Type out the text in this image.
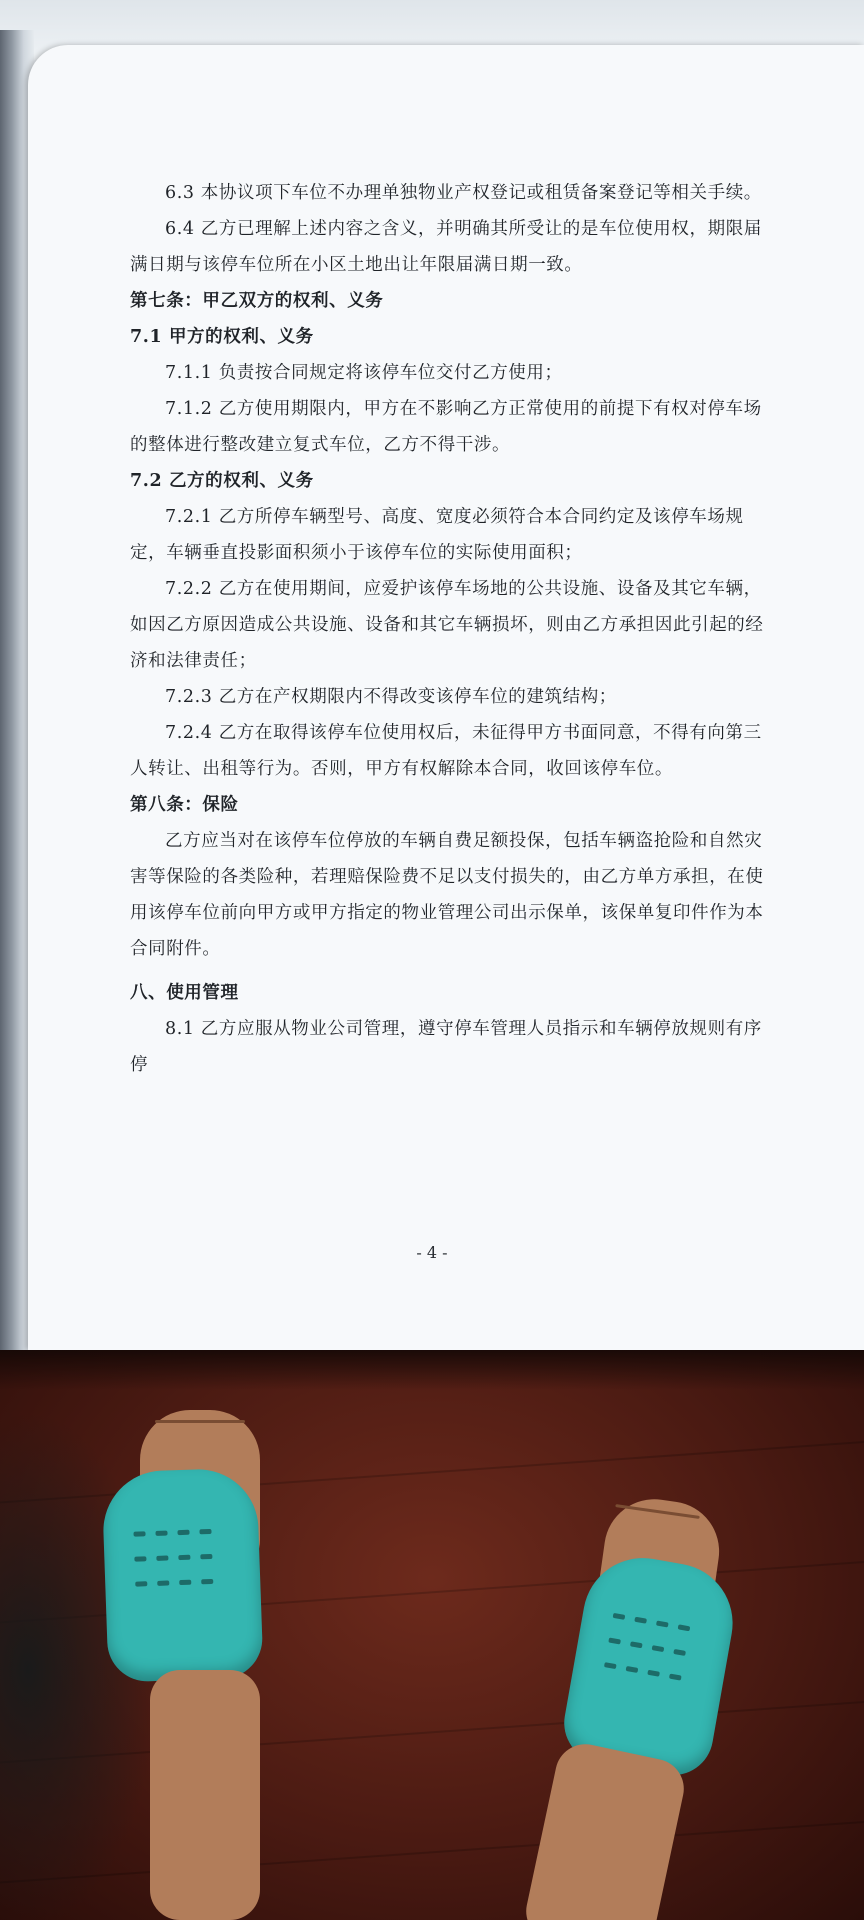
6.3 本协议项下车位不办理单独物业产权登记或租赁备案登记等相关手续。

6.4 乙方已理解上述内容之含义，并明确其所受让的是车位使用权，期限届满日期与该停车位所在小区土地出让年限届满日期一致。

第七条：甲乙双方的权利、义务

7.1 甲方的权利、义务

7.1.1 负责按合同规定将该停车位交付乙方使用；

7.1.2 乙方使用期限内，甲方在不影响乙方正常使用的前提下有权对停车场的整体进行整改建立复式车位，乙方不得干涉。

7.2 乙方的权利、义务

7.2.1 乙方所停车辆型号、高度、宽度必须符合本合同约定及该停车场规定，车辆垂直投影面积须小于该停车位的实际使用面积；

7.2.2 乙方在使用期间，应爱护该停车场地的公共设施、设备及其它车辆，如因乙方原因造成公共设施、设备和其它车辆损坏，则由乙方承担因此引起的经济和法律责任；

7.2.3 乙方在产权期限内不得改变该停车位的建筑结构；

7.2.4 乙方在取得该停车位使用权后，未征得甲方书面同意，不得有向第三人转让、出租等行为。否则，甲方有权解除本合同，收回该停车位。

第八条：保险

乙方应当对在该停车位停放的车辆自费足额投保，包括车辆盗抢险和自然灾害等保险的各类险种，若理赔保险费不足以支付损失的，由乙方单方承担，在使用该停车位前向甲方或甲方指定的物业管理公司出示保单，该保单复印件作为本合同附件。

八、使用管理

8.1 乙方应服从物业公司管理，遵守停车管理人员指示和车辆停放规则有序停

- 4 -
